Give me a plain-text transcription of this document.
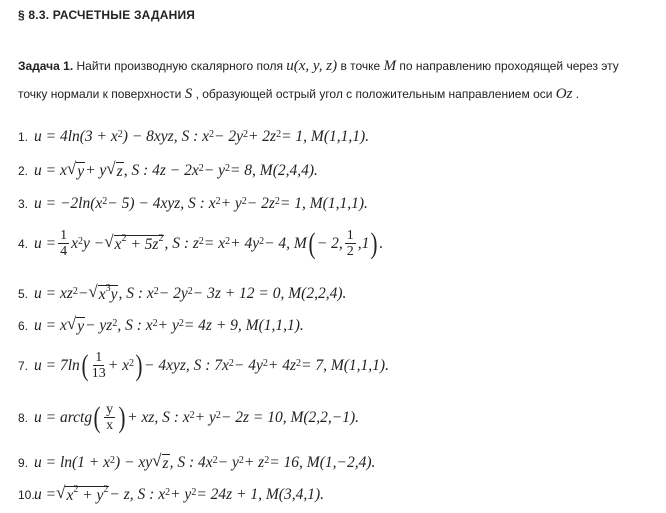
§ 8.3. РАСЧЕТНЫЕ ЗАДАНИЯ
Задача 1. Найти производную скалярного поля u(x, y, z) в точке M по направлению проходящей через эту точку нормали к поверхности S , образующей острый угол с положительным направлением оси Oz .
1. $u = 4\ln(3 + x^2$ ) − 8xyz, S : $x^2 - 2y^2 + 2z^2 = 1$, M(1,1,1).
2. u = x √ y + y √ z , S : $4z - 2x^2 - y^2 = 8$, M(2,4,4).
3. $u = -2\ln(x^2 - 5) - 4xyz$, S : $x^2 + y^2 - 2z^2 = 1$, M(1,1,1).
4. $u = \frac{1}{4} x^2$ y − √ $x^2 + 5z^2$ , S : $z^2 = x^2 + 4y^2 - 4$, M ( − 2, $\frac{1}{2} ,1$ ) .
5. $u = xz^2$ − √ $x^3y$ , S : $x^2 - 2y^2 - 3z + 12 = 0$, M(2,2,4).
6. u = x √ $y - yz^2$ , S : $x^2 + y^2 = 4z + 9$, M(1,1,1).
7. u = 7ln ( $\frac{1}{13} + x^2$ ) − 4xyz, S : $7x^2 - 4y^2 + 4z^2 = 7$, M(1,1,1).
8. u = arctg ( $\frac{y}{x}$ ) + xz, S : $x^2 + y^2 - 2z = 10$, M(2,2,−1).
9. $u = \ln(1 + x^2$ ) − xy √ z , S : $4x^2 - y^2 + z^2 = 16$, M(1,−2,4).
10. u = √ $x^2 + y^2 - z$, S : $x^2 + y^2 = 24z + 1$, M(3,4,1).
